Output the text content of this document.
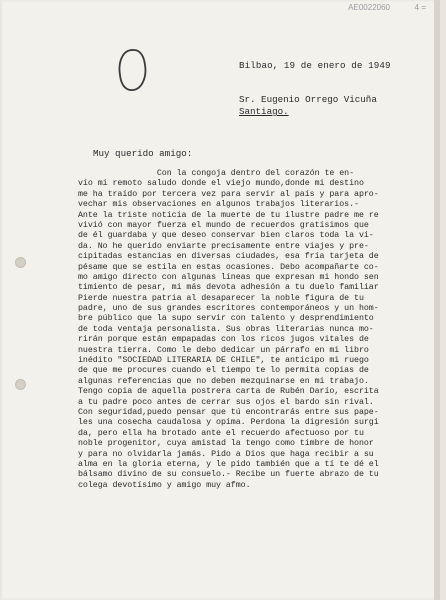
AE0022060	4 =
Bilbao, 19 de enero de 1949
Sr. Eugenio Orrego Vicuña
Santiago.
Muy querido amigo:
Con la congoja dentro del corazón te en-
vío mi remoto saludo donde el viejo mundo,donde mi destino
me ha traído por tercera vez para servir al país y para apro-
vechar mis observaciones en algunos trabajos literarios.-
Ante la triste noticia de la muerte de tu ilustre padre me re
vivió con mayor fuerza el mundo de recuerdos gratísimos que
de él guardaba y que deseo conservar bien claros toda la vi-
da. No he querido enviarte precisamente entre viajes y pre-
cipitadas estancias en diversas ciudades, esa fría tarjeta de
pésame que se estila en estas ocasiones. Debo acompañarte co-
mo amigo directo con algunas líneas que expresan mi hondo sen
timiento de pesar, mi más devota adhesión a tu duelo familiar
Pierde nuestra patria al desaparecer la noble figura de tu
padre, uno de sus grandes escritores contemporáneos y un hom-
bre público que la supo servir con talento y desprendimiento
de toda ventaja personalista. Sus obras literarias nunca mo-
rirán porque están empapadas con los ricos jugos vitales de
nuestra tierra. Como le debo dedicar un párrafo en mi libro
inédito "SOCIEDAD LITERARIA DE CHILE", te anticipo mi ruego
de que me procures cuando el tiempo te lo permita copias de
algunas referencias que no deben mezquinarse en mi trabajo.
Tengo copia de aquella postrera carta de Rubén Darío, escrita
a tu padre poco antes de cerrar sus ojos el bardo sin rival.
Con seguridad,puedo pensar que tú encontrarás entre sus pape-
les una cosecha caudalosa y opima. Perdona la digresión surgi
da, pero ella ha brotado ante el recuerdo afectuoso por tu
noble progenitor, cuya amistad la tengo como timbre de honor
y para no olvidarla jamás. Pido a Dios que haga recibir a su
alma en la gloria eterna, y le pido también que a tí te dé el
bálsamo divino de su consuelo.- Recibe un fuerte abrazo de tu
colega devotísimo y amigo muy afmo.
